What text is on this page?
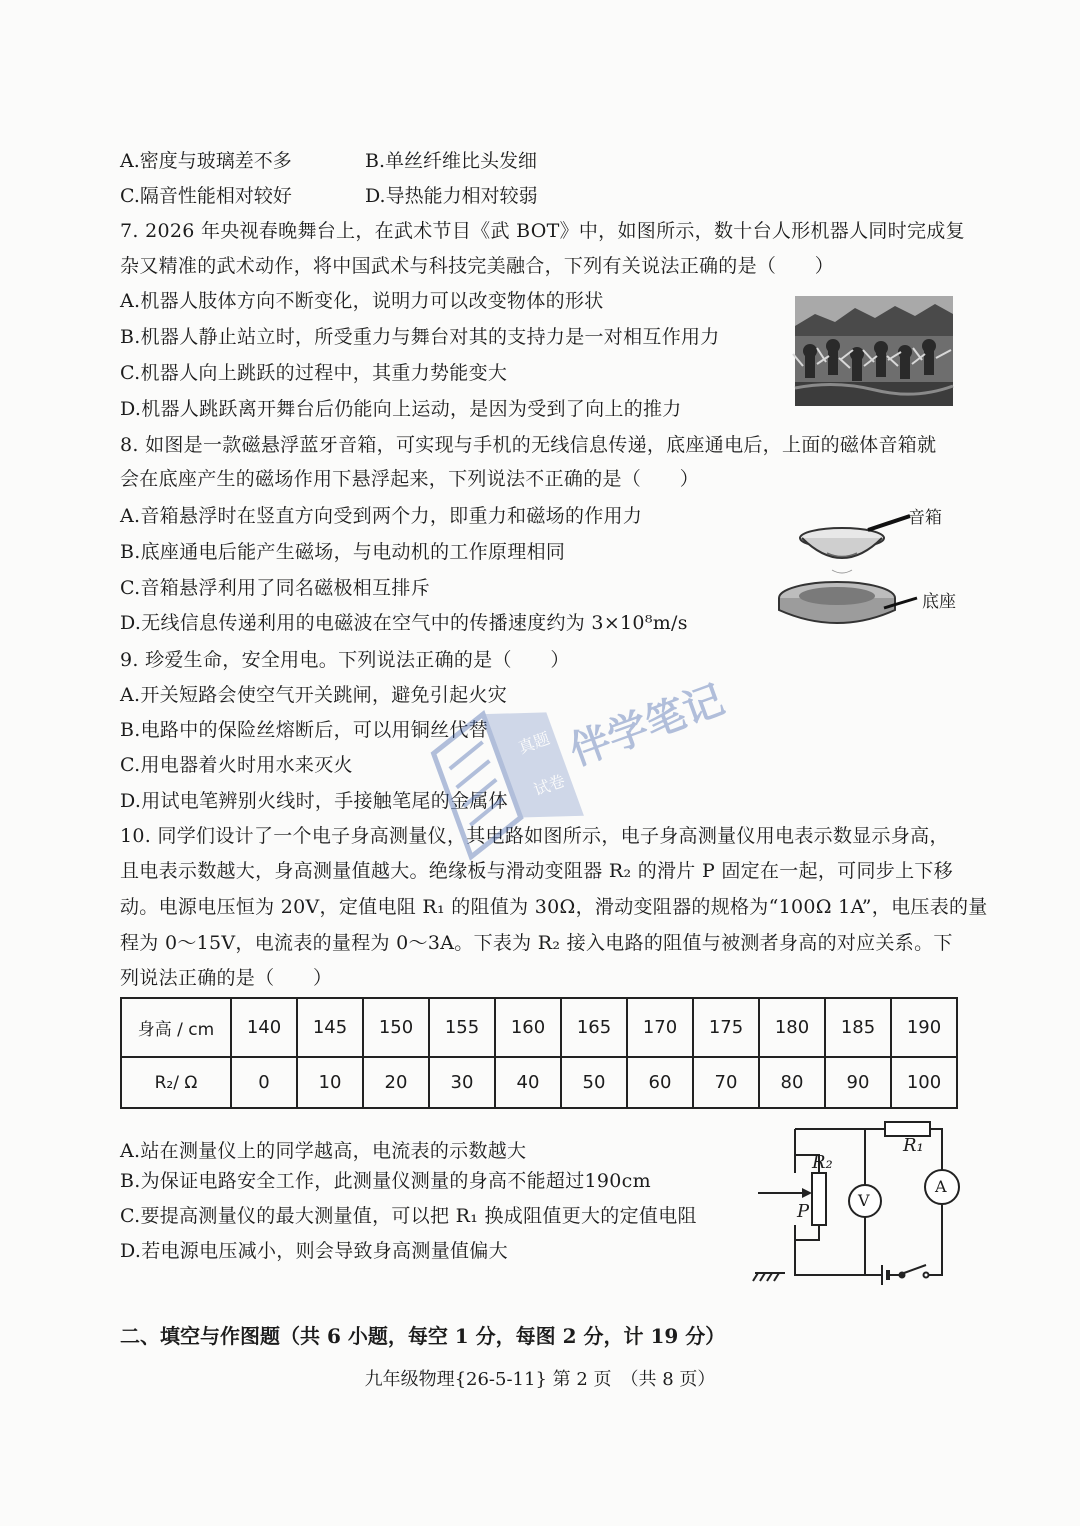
A.密度与玻璃差不多	B.单丝纤维比头发细
C.隔音性能相对较好	D.导热能力相对较弱
7. 2026 年央视春晚舞台上，在武术节目《武 BOT》中，如图所示，数十台人形机器人同时完成复
杂又精准的武术动作，将中国武术与科技完美融合，下列有关说法正确的是（　　）
A.机器人肢体方向不断变化，说明力可以改变物体的形状
B.机器人静止站立时，所受重力与舞台对其的支持力是一对相互作用力
C.机器人向上跳跃的过程中，其重力势能变大
D.机器人跳跃离开舞台后仍能向上运动，是因为受到了向上的推力
8. 如图是一款磁悬浮蓝牙音箱，可实现与手机的无线信息传递，底座通电后，上面的磁体音箱就
会在底座产生的磁场作用下悬浮起来，下列说法不正确的是（　　）
A.音箱悬浮时在竖直方向受到两个力，即重力和磁场的作用力
B.底座通电后能产生磁场，与电动机的工作原理相同
C.音箱悬浮利用了同名磁极相互排斥
D.无线信息传递利用的电磁波在空气中的传播速度约为 3×10⁸m/s
音箱
底座
9. 珍爱生命，安全用电。下列说法正确的是（　　）
A.开关短路会使空气开关跳闸，避免引起火灾
B.电路中的保险丝熔断后，可以用铜丝代替
C.用电器着火时用水来灭火
D.用试电笔辨别火线时，手接触笔尾的金属体
10. 同学们设计了一个电子身高测量仪，其电路如图所示，电子身高测量仪用电表示数显示身高，
且电表示数越大，身高测量值越大。绝缘板与滑动变阻器 R₂ 的滑片 P 固定在一起，可同步上下移
动。电源电压恒为 20V，定值电阻 R₁ 的阻值为 30Ω，滑动变阻器的规格为“100Ω 1A”，电压表的量
程为 0～15V，电流表的量程为 0～3A。下表为 R₂ 接入电路的阻值与被测者身高的对应关系。下
列说法正确的是（　　）
身高 / cm	140	145	150	155	160	165	170	175	180	185	190
R₂/ Ω	0	10	20	30	40	50	60	70	80	90	100
A.站在测量仪上的同学越高，电流表的示数越大
B.为保证电路安全工作，此测量仪测量的身高不能超过190cm
C.要提高测量仪的最大测量值，可以把 R₁ 换成阻值更大的定值电阻
D.若电源电压减小，则会导致身高测量值偏大
R₁
R₂
P
V
A
二、填空与作图题（共 6 小题，每空 1 分，每图 2 分，计 19 分）
九年级物理{26-5-11} 第 2 页　（共 8 页）
真题
试卷
伴学笔记
